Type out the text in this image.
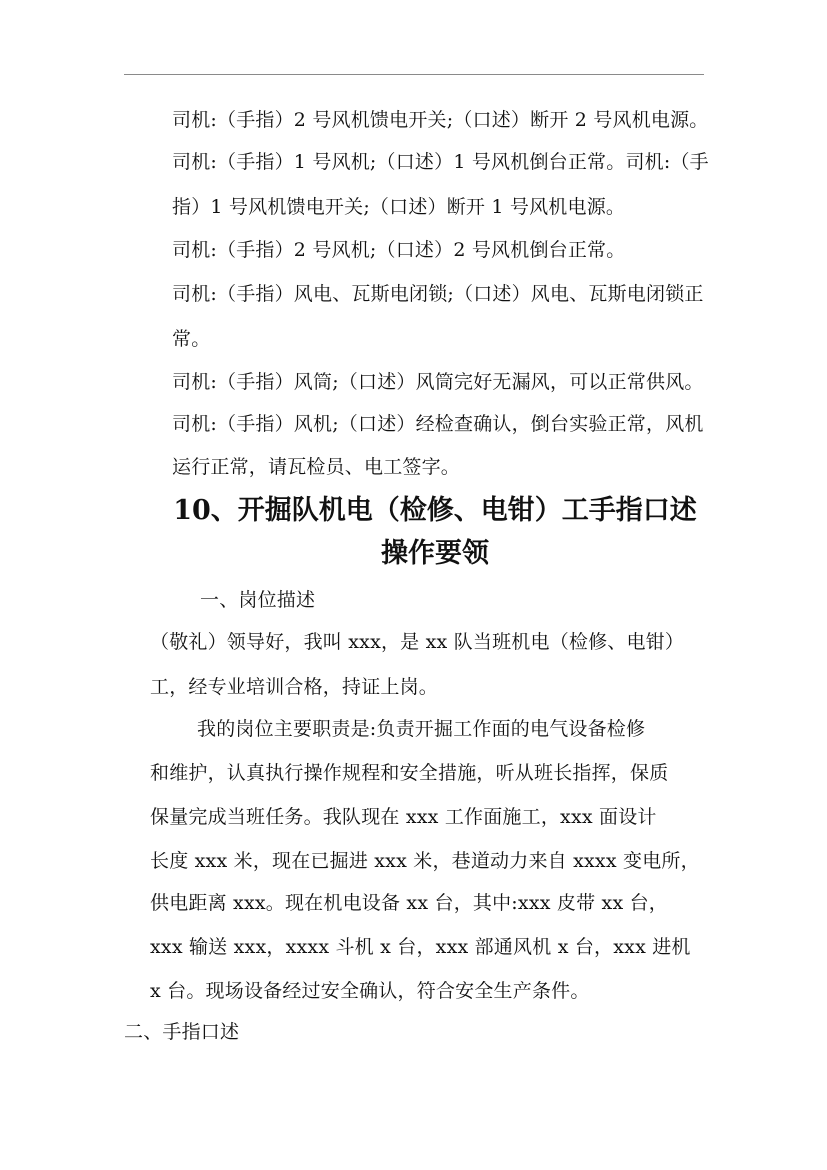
司机:（手指）2 号风机馈电开关;（口述）断开 2 号风机电源。
司机:（手指）1 号风机;（口述）1 号风机倒台正常。司机:（手
指）1 号风机馈电开关;（口述）断开 1 号风机电源。
司机:（手指）2 号风机;（口述）2 号风机倒台正常。
司机:（手指）风电、瓦斯电闭锁;（口述）风电、瓦斯电闭锁正
常。
司机:（手指）风筒;（口述）风筒完好无漏风，可以正常供风。
司机:（手指）风机;（口述）经检查确认，倒台实验正常，风机
运行正常，请瓦检员、电工签字。
10、开掘队机电（检修、电钳）工手指口述
操作要领
一、岗位描述
（敬礼）领导好，我叫 xxx，是 xx 队当班机电（检修、电钳）
工，经专业培训合格，持证上岗。
我的岗位主要职责是:负责开掘工作面的电气设备检修
和维护，认真执行操作规程和安全措施，听从班长指挥，保质
保量完成当班任务。我队现在 xxx 工作面施工，xxx 面设计
长度 xxx 米，现在已掘进 xxx 米，巷道动力来自 xxxx 变电所，
供电距离 xxx。现在机电设备 xx 台，其中:xxx 皮带 xx 台，
xxx 输送 xxx，xxxx 斗机 x 台，xxx 部通风机 x 台，xxx 进机
x 台。现场设备经过安全确认，符合安全生产条件。
二、手指口述
